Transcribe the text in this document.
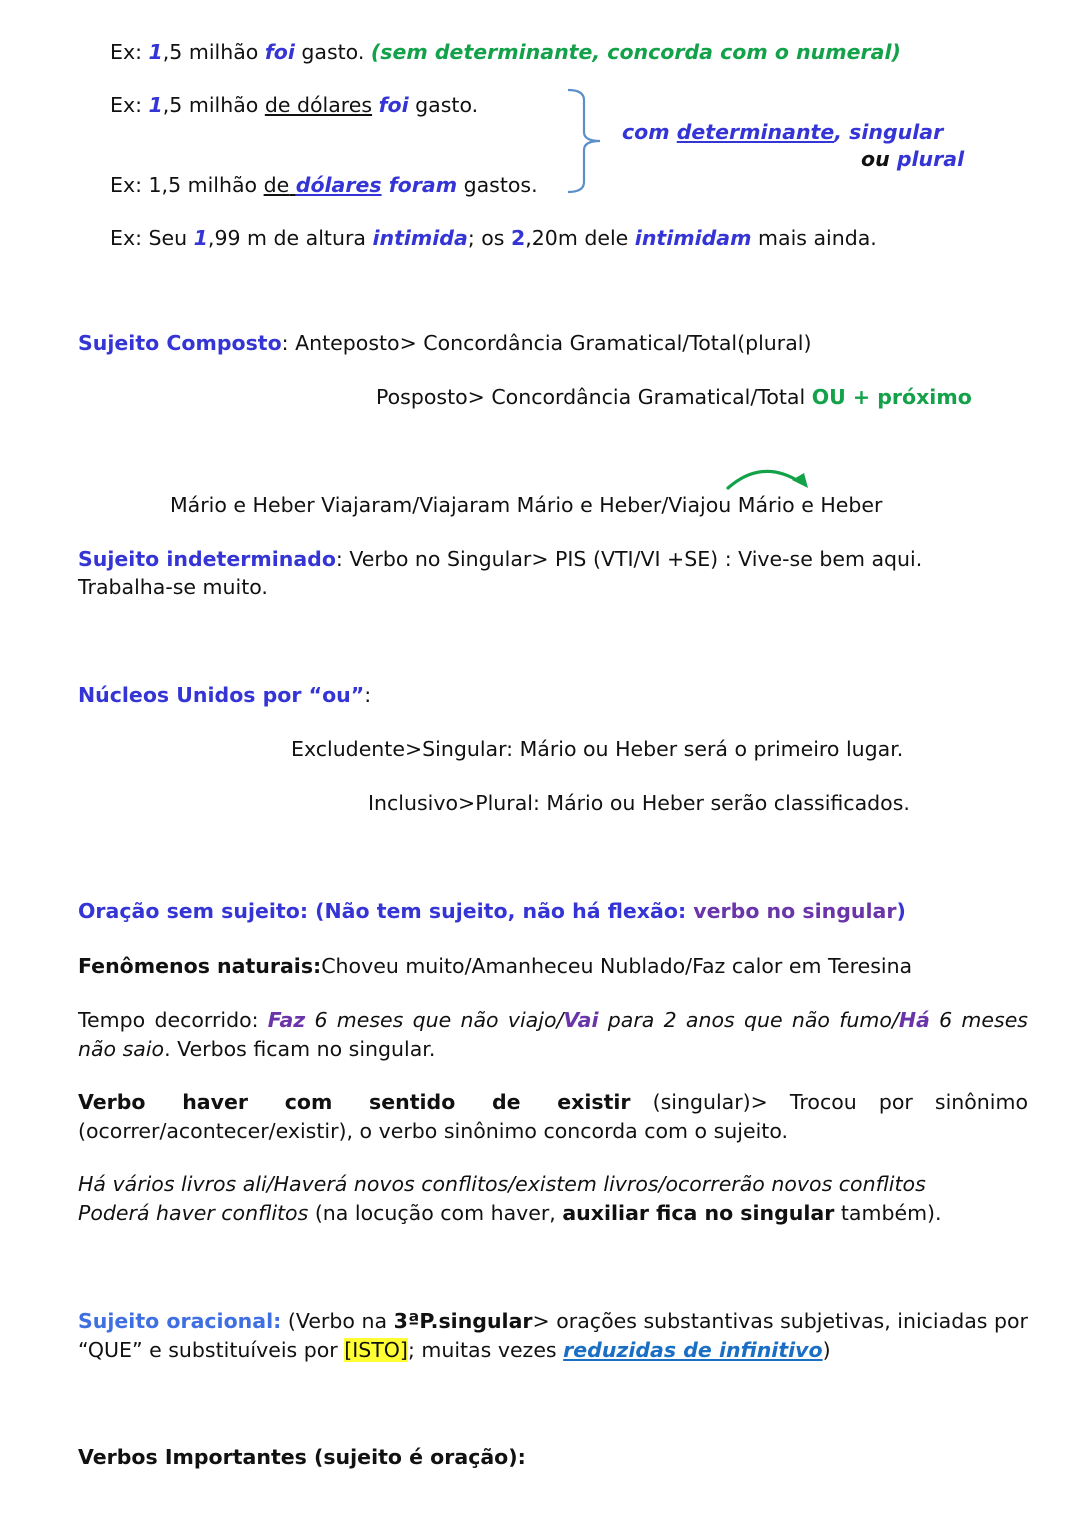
Ex: 1,5 milhão foi gasto. (sem determinante, concorda com o numeral)
Ex: 1,5 milhão de dólares foi gasto.
com determinante, singular
ou plural
Ex: 1,5 milhão de dólares foram gastos.
Ex: Seu 1,99 m de altura intimida; os 2,20m dele intimidam mais ainda.
Sujeito Composto: Anteposto> Concordância Gramatical/Total(plural)
Posposto> Concordância Gramatical/Total OU + próximo
Mário e Heber Viajaram/Viajaram Mário e Heber/Viajou Mário e Heber
Sujeito indeterminado: Verbo no Singular> PIS (VTI/VI +SE) : Vive-se bem aqui.
Trabalha-se muito.
Núcleos Unidos por “ou”:
Excludente>Singular: Mário ou Heber será o primeiro lugar.
Inclusivo>Plural: Mário ou Heber serão classificados.
Oração sem sujeito: (Não tem sujeito, não há flexão: verbo no singular)
Fenômenos naturais:Choveu muito/Amanheceu Nublado/Faz calor em Teresina
Tempo decorrido: Faz 6 meses que não viajo/Vai para 2 anos que não fumo/Há 6 meses não saio. Verbos ficam no singular.
Verbo haver com sentido de existir (singular)> Trocou por sinônimo (ocorrer/acontecer/existir), o verbo sinônimo concorda com o sujeito.
Há vários livros ali/Haverá novos conflitos/existem livros/ocorrerão novos conflitos
Poderá haver conflitos (na locução com haver, auxiliar fica no singular também).
Sujeito oracional: (Verbo na 3ªP.singular> orações substantivas subjetivas, iniciadas por “QUE” e substituíveis por [ISTO]; muitas vezes reduzidas de infinitivo)
Verbos Importantes (sujeito é oração):
